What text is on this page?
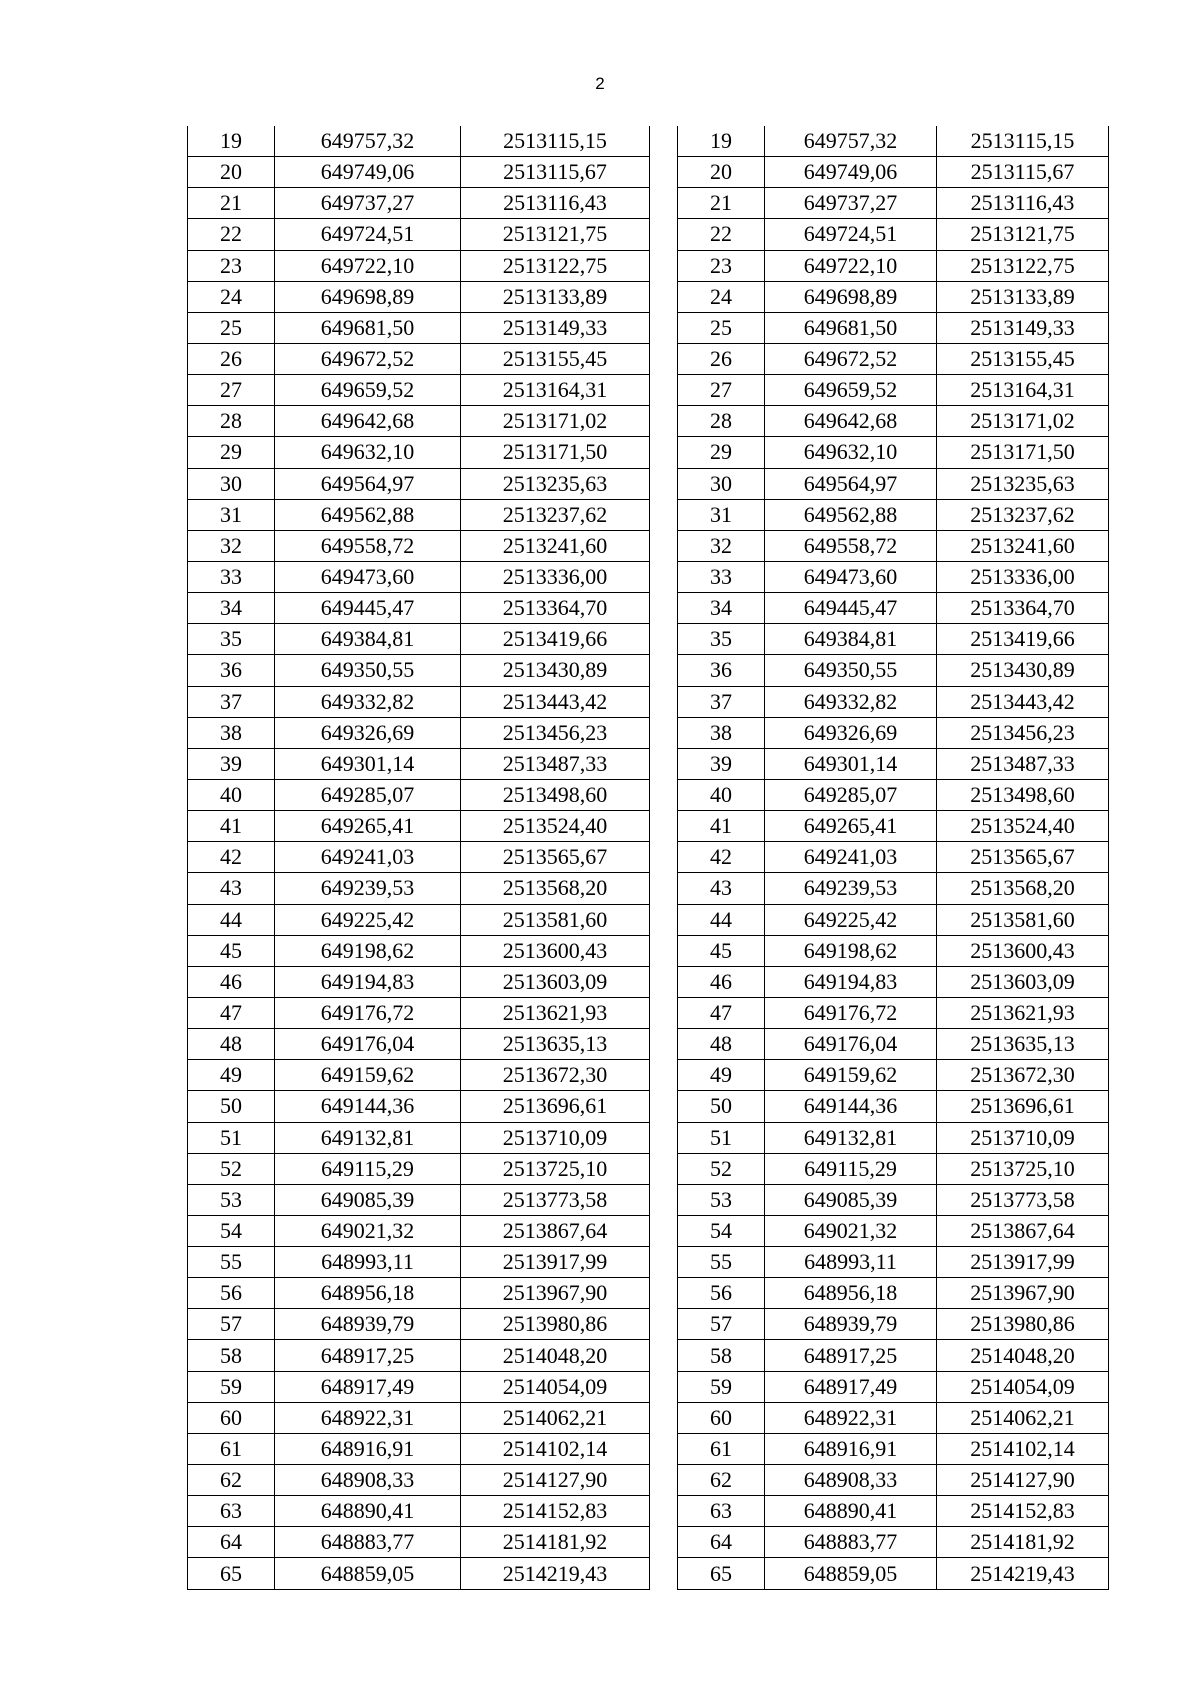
2
19	649757,32	2513115,15		19	649757,32	2513115,15
20	649749,06	2513115,67		20	649749,06	2513115,67
21	649737,27	2513116,43		21	649737,27	2513116,43
22	649724,51	2513121,75		22	649724,51	2513121,75
23	649722,10	2513122,75		23	649722,10	2513122,75
24	649698,89	2513133,89		24	649698,89	2513133,89
25	649681,50	2513149,33		25	649681,50	2513149,33
26	649672,52	2513155,45		26	649672,52	2513155,45
27	649659,52	2513164,31		27	649659,52	2513164,31
28	649642,68	2513171,02		28	649642,68	2513171,02
29	649632,10	2513171,50		29	649632,10	2513171,50
30	649564,97	2513235,63		30	649564,97	2513235,63
31	649562,88	2513237,62		31	649562,88	2513237,62
32	649558,72	2513241,60		32	649558,72	2513241,60
33	649473,60	2513336,00		33	649473,60	2513336,00
34	649445,47	2513364,70		34	649445,47	2513364,70
35	649384,81	2513419,66		35	649384,81	2513419,66
36	649350,55	2513430,89		36	649350,55	2513430,89
37	649332,82	2513443,42		37	649332,82	2513443,42
38	649326,69	2513456,23		38	649326,69	2513456,23
39	649301,14	2513487,33		39	649301,14	2513487,33
40	649285,07	2513498,60		40	649285,07	2513498,60
41	649265,41	2513524,40		41	649265,41	2513524,40
42	649241,03	2513565,67		42	649241,03	2513565,67
43	649239,53	2513568,20		43	649239,53	2513568,20
44	649225,42	2513581,60		44	649225,42	2513581,60
45	649198,62	2513600,43		45	649198,62	2513600,43
46	649194,83	2513603,09		46	649194,83	2513603,09
47	649176,72	2513621,93		47	649176,72	2513621,93
48	649176,04	2513635,13		48	649176,04	2513635,13
49	649159,62	2513672,30		49	649159,62	2513672,30
50	649144,36	2513696,61		50	649144,36	2513696,61
51	649132,81	2513710,09		51	649132,81	2513710,09
52	649115,29	2513725,10		52	649115,29	2513725,10
53	649085,39	2513773,58		53	649085,39	2513773,58
54	649021,32	2513867,64		54	649021,32	2513867,64
55	648993,11	2513917,99		55	648993,11	2513917,99
56	648956,18	2513967,90		56	648956,18	2513967,90
57	648939,79	2513980,86		57	648939,79	2513980,86
58	648917,25	2514048,20		58	648917,25	2514048,20
59	648917,49	2514054,09		59	648917,49	2514054,09
60	648922,31	2514062,21		60	648922,31	2514062,21
61	648916,91	2514102,14		61	648916,91	2514102,14
62	648908,33	2514127,90		62	648908,33	2514127,90
63	648890,41	2514152,83		63	648890,41	2514152,83
64	648883,77	2514181,92		64	648883,77	2514181,92
65	648859,05	2514219,43		65	648859,05	2514219,43
